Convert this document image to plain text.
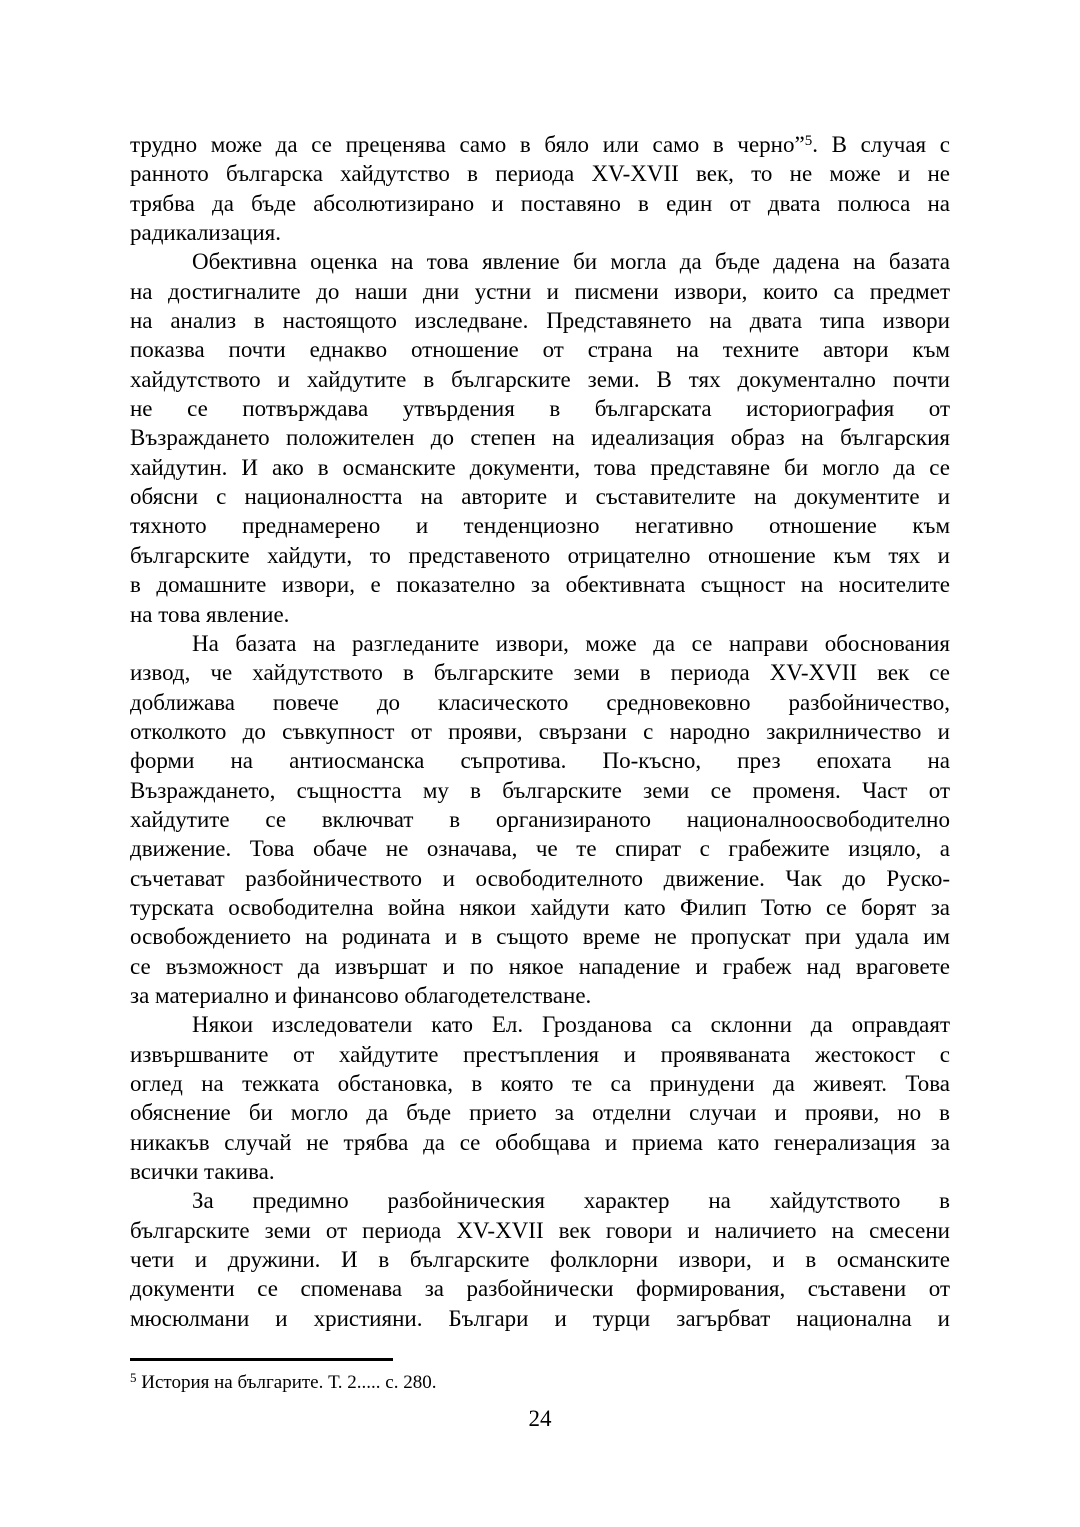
трудно може да се преценява само в бяло или само в черно”$^5$. В случая с
ранното българска хайдутство в периода XV-XVII век, то не може и не
трябва да бъде абсолютизирано и поставяно в един от двата полюса на
радикализация.
Обективна оценка на това явление би могла да бъде дадена на базата
на достигналите до наши дни устни и писмени извори, които са предмет
на анализ в настоящото изследване. Представянето на двата типа извори
показва почти еднакво отношение от страна на техните автори към
хайдутството и хайдутите в българските земи. В тях документално почти
не се потвърждава утвърдения в българската историография от
Възраждането положителен до степен на идеализация образ на българския
хайдутин. И ако в османските документи, това представяне би могло да се
обясни с националността на авторите и съставителите на документите и
тяхното преднамерено и тенденциозно негативно отношение към
българските хайдути, то представеното отрицателно отношение към тях и
в домашните извори, е показателно за обективната същност на носителите
на това явление.
На базата на разгледаните извори, може да се направи обоснования
извод, че хайдутството в българските земи в периода XV-XVII век се
доближава повече до класическото средновековно разбойничество,
отколкото до съвкупност от прояви, свързани с народно закрилничество и
форми на антиосманска съпротива. По-късно, през епохата на
Възраждането, същността му в българските земи се променя. Част от
хайдутите се включват в организираното националноосвободително
движение. Това обаче не означава, че те спират с грабежите изцяло, а
съчетават разбойничеството и освободителното движение. Чак до Руско-
турската освободителна война някои хайдути като Филип Тотю се борят за
освобождението на родината и в същото време не пропускат при удала им
се възможност да извършат и по някое нападение и грабеж над враговете
за материално и финансово облагодетелстване.
Някои изследователи като Ел. Грозданова са склонни да оправдаят
извършваните от хайдутите престъпления и проявяваната жестокост с
оглед на тежката обстановка, в която те са принудени да живеят. Това
обяснение би могло да бъде прието за отделни случаи и прояви, но в
никакъв случай не трябва да се обобщава и приема като генерализация за
всички такива.
За предимно разбойническия характер на хайдутството в
българските земи от периода XV-XVII век говори и наличието на смесени
чети и дружини. И в българските фолклорни извори, и в османските
документи се споменава за разбойнически формирования, съставени от
мюсюлмани и християни. Българи и турци загърбват национална и
$^5$ История на българите. Т. 2..... с. 280.
24
